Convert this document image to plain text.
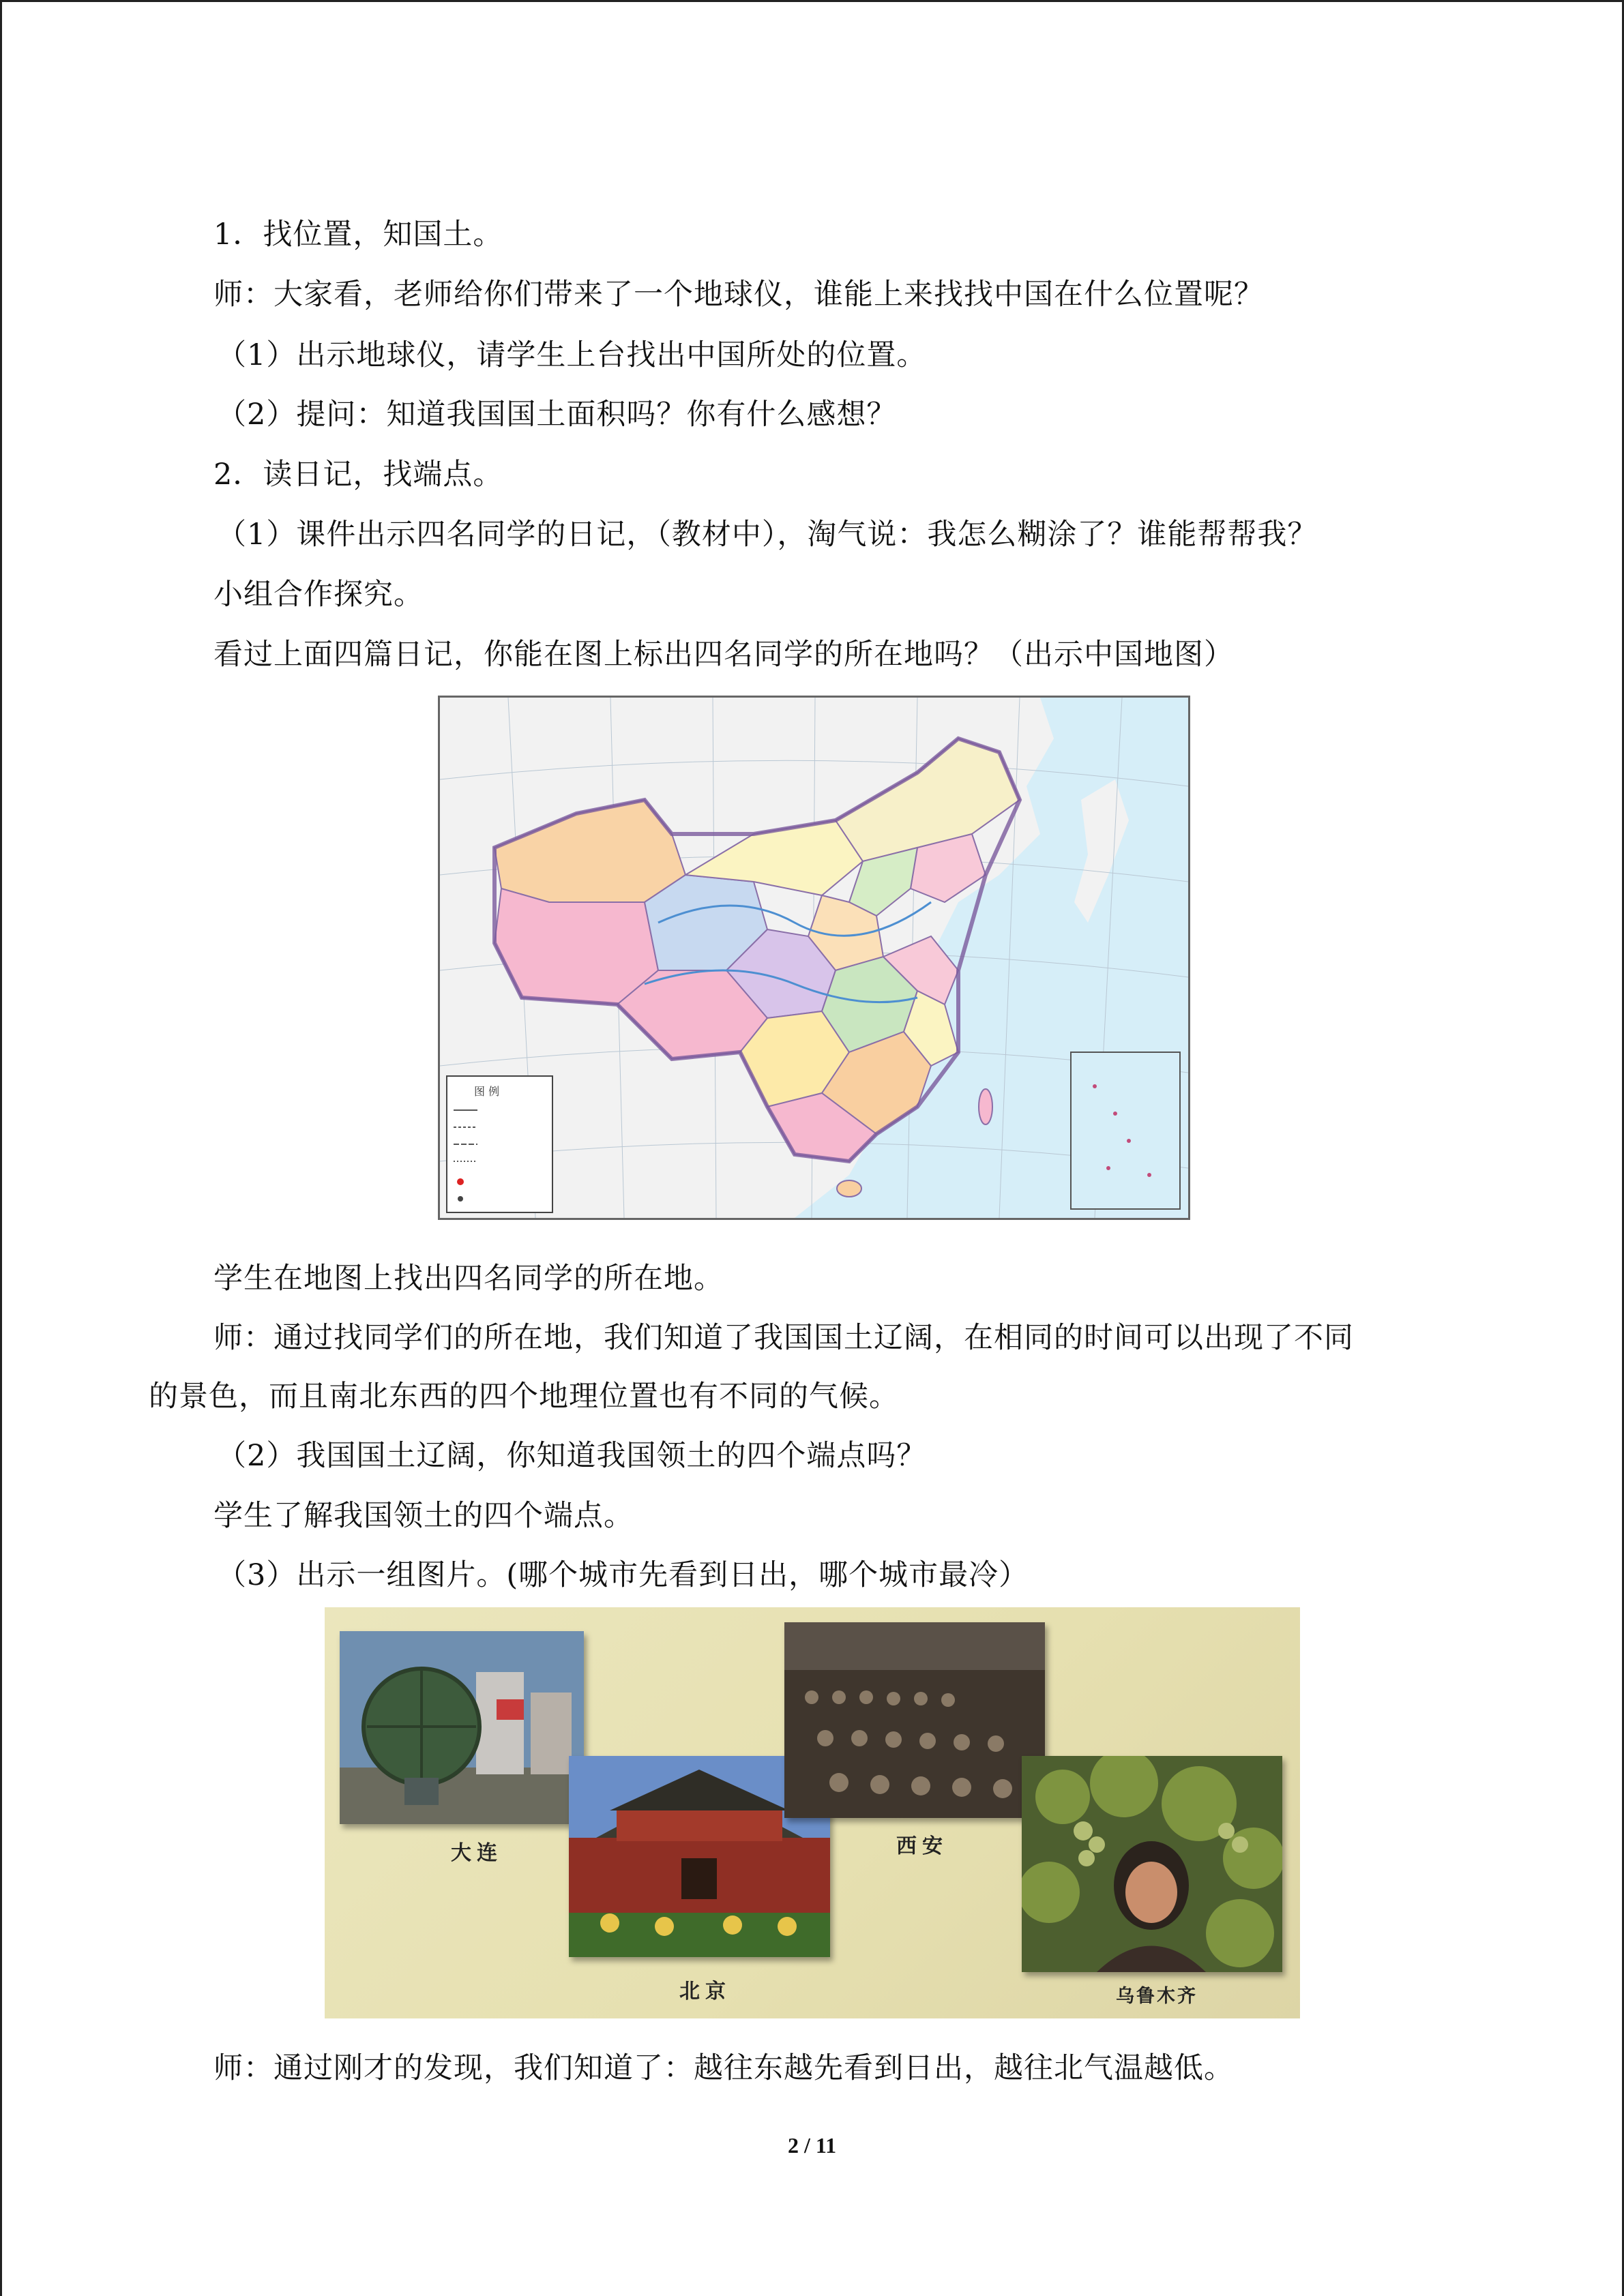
1．找位置，知国土。
师：大家看，老师给你们带来了一个地球仪，谁能上来找找中国在什么位置呢？
（1）出示地球仪，请学生上台找出中国所处的位置。
（2）提问：知道我国国土面积吗？你有什么感想？
2．读日记，找端点。
（1）课件出示四名同学的日记，（教材中），淘气说：我怎么糊涂了？谁能帮帮我？
小组合作探究。
看过上面四篇日记，你能在图上标出四名同学的所在地吗？（出示中国地图）
图 例
学生在地图上找出四名同学的所在地。
师：通过找同学们的所在地，我们知道了我国国土辽阔，在相同的时间可以出现了不同
的景色，而且南北东西的四个地理位置也有不同的气候。
（2）我国国土辽阔，你知道我国领土的四个端点吗？
学生了解我国领土的四个端点。
（3）出示一组图片。(哪个城市先看到日出，哪个城市最冷）
大连
北京
西安
乌鲁木齐
师：通过刚才的发现，我们知道了：越往东越先看到日出，越往北气温越低。
2 / 11
